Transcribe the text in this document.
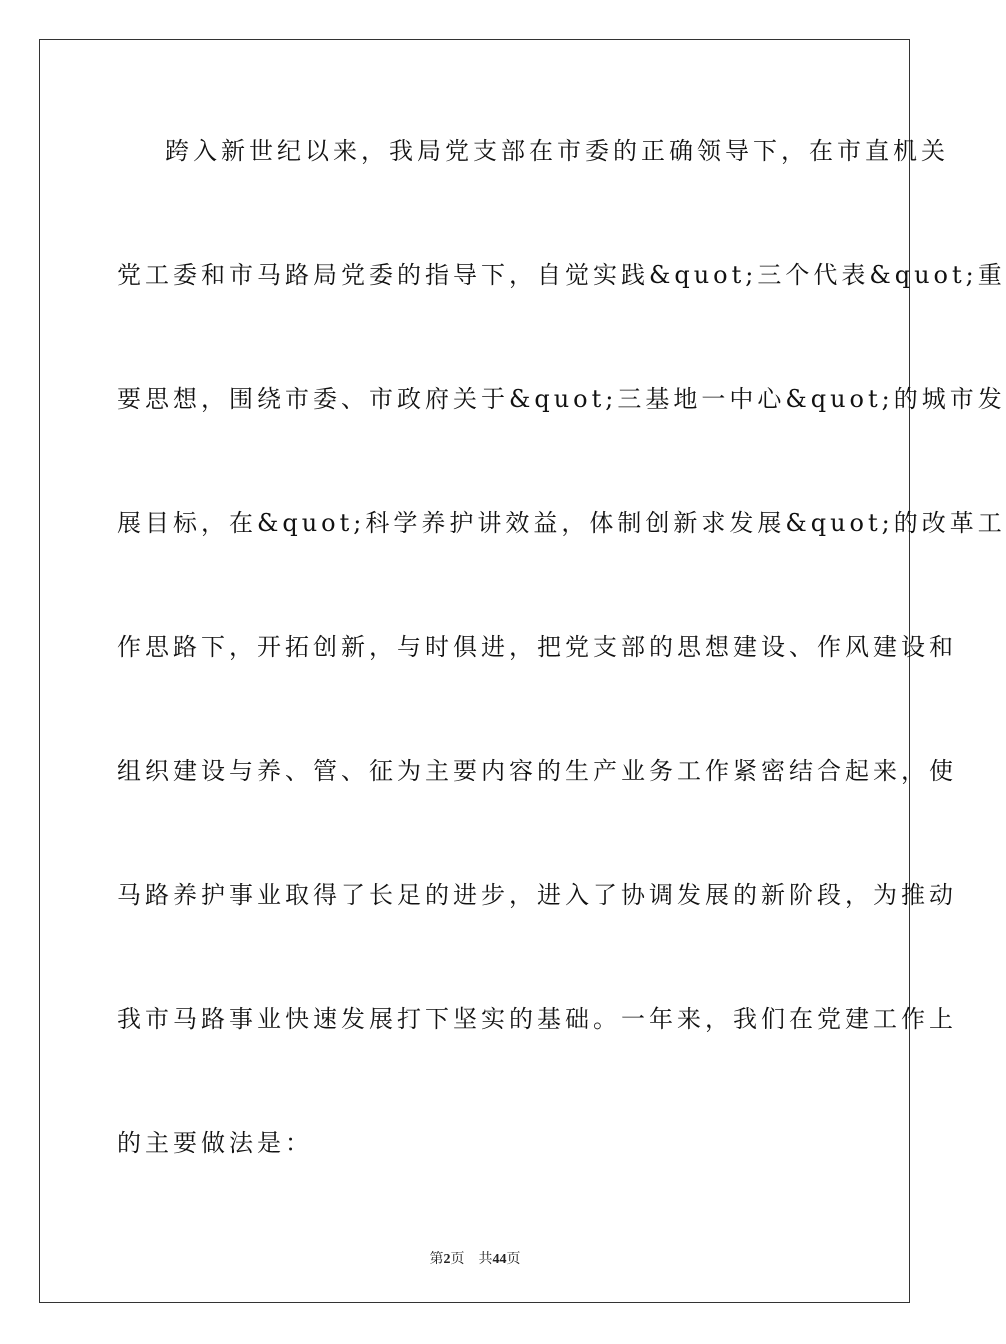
跨入新世纪以来，我局党支部在市委的正确领导下，在市直机关
党工委和市马路局党委的指导下，自觉实践&quot;三个代表&quot;重
要思想，围绕市委、市政府关于&quot;三基地一中心&quot;的城市发
展目标，在&quot;科学养护讲效益，体制创新求发展&quot;的改革工
作思路下，开拓创新，与时俱进，把党支部的思想建设、作风建设和
组织建设与养、管、征为主要内容的生产业务工作紧密结合起来，使
马路养护事业取得了长足的进步，进入了协调发展的新阶段，为推动
我市马路事业快速发展打下坚实的基础。一年来，我们在党建工作上
的主要做法是：
第2页 共44页
